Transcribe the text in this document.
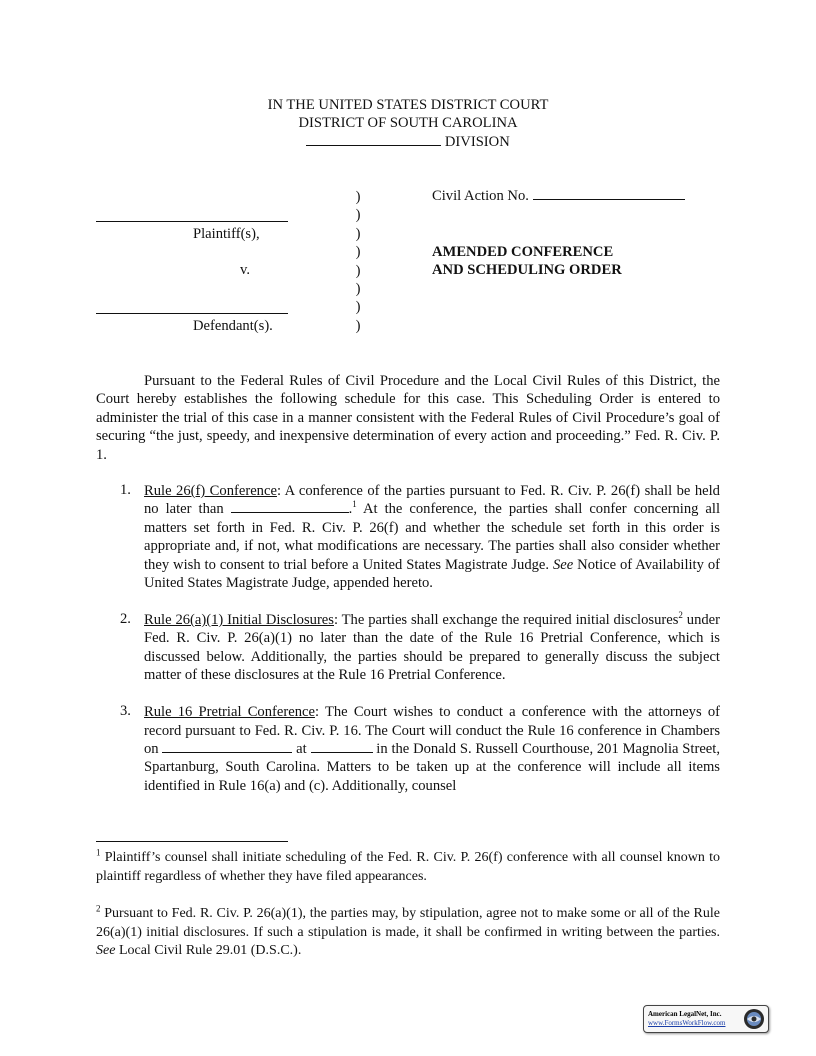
IN THE UNITED STATES DISTRICT COURT
DISTRICT OF SOUTH CAROLINA
DIVISION
Plaintiff(s),
v.
Defendant(s).
)
)
)
)
)
)
)
)
Civil Action No.
AMENDED CONFERENCE
AND SCHEDULING ORDER
Pursuant to the Federal Rules of Civil Procedure and the Local Civil Rules of this District, the Court hereby establishes the following schedule for this case. This Scheduling Order is entered to administer the trial of this case in a manner consistent with the Federal Rules of Civil Procedure’s goal of securing “the just, speedy, and inexpensive determination of every action and proceeding.” Fed. R. Civ. P. 1.
1. Rule 26(f) Conference: A conference of the parties pursuant to Fed. R. Civ. P. 26(f) shall be held no later than	.$^1$ At the conference, the parties shall confer concerning all matters set forth in Fed. R. Civ. P. 26(f) and whether the schedule set forth in this order is appropriate and, if not, what modifications are necessary. The parties shall also consider whether they wish to consent to trial before a United States Magistrate Judge. See Notice of Availability of United States Magistrate Judge, appended hereto.
2. Rule 26(a)(1) Initial Disclosures: The parties shall exchange the required initial disclosures$^2$ under Fed. R. Civ. P. 26(a)(1) no later than the date of the Rule 16 Pretrial Conference, which is discussed below. Additionally, the parties should be prepared to generally discuss the subject matter of these disclosures at the Rule 16 Pretrial Conference.
3. Rule 16 Pretrial Conference: The Court wishes to conduct a conference with the attorneys of record pursuant to Fed. R. Civ. P. 16. The Court will conduct the Rule 16 conference in Chambers on	at	in the Donald S. Russell Courthouse, 201 Magnolia Street, Spartanburg, South Carolina. Matters to be taken up at the conference will include all items identified in Rule 16(a) and (c). Additionally, counsel
$^1$ Plaintiff’s counsel shall initiate scheduling of the Fed. R. Civ. P. 26(f) conference with all counsel known to plaintiff regardless of whether they have filed appearances.
$^2$ Pursuant to Fed. R. Civ. P. 26(a)(1), the parties may, by stipulation, agree not to make some or all of the Rule 26(a)(1) initial disclosures. If such a stipulation is made, it shall be confirmed in writing between the parties. See Local Civil Rule 29.01 (D.S.C.).
American LegalNet, Inc.
www.FormsWorkFlow.com
